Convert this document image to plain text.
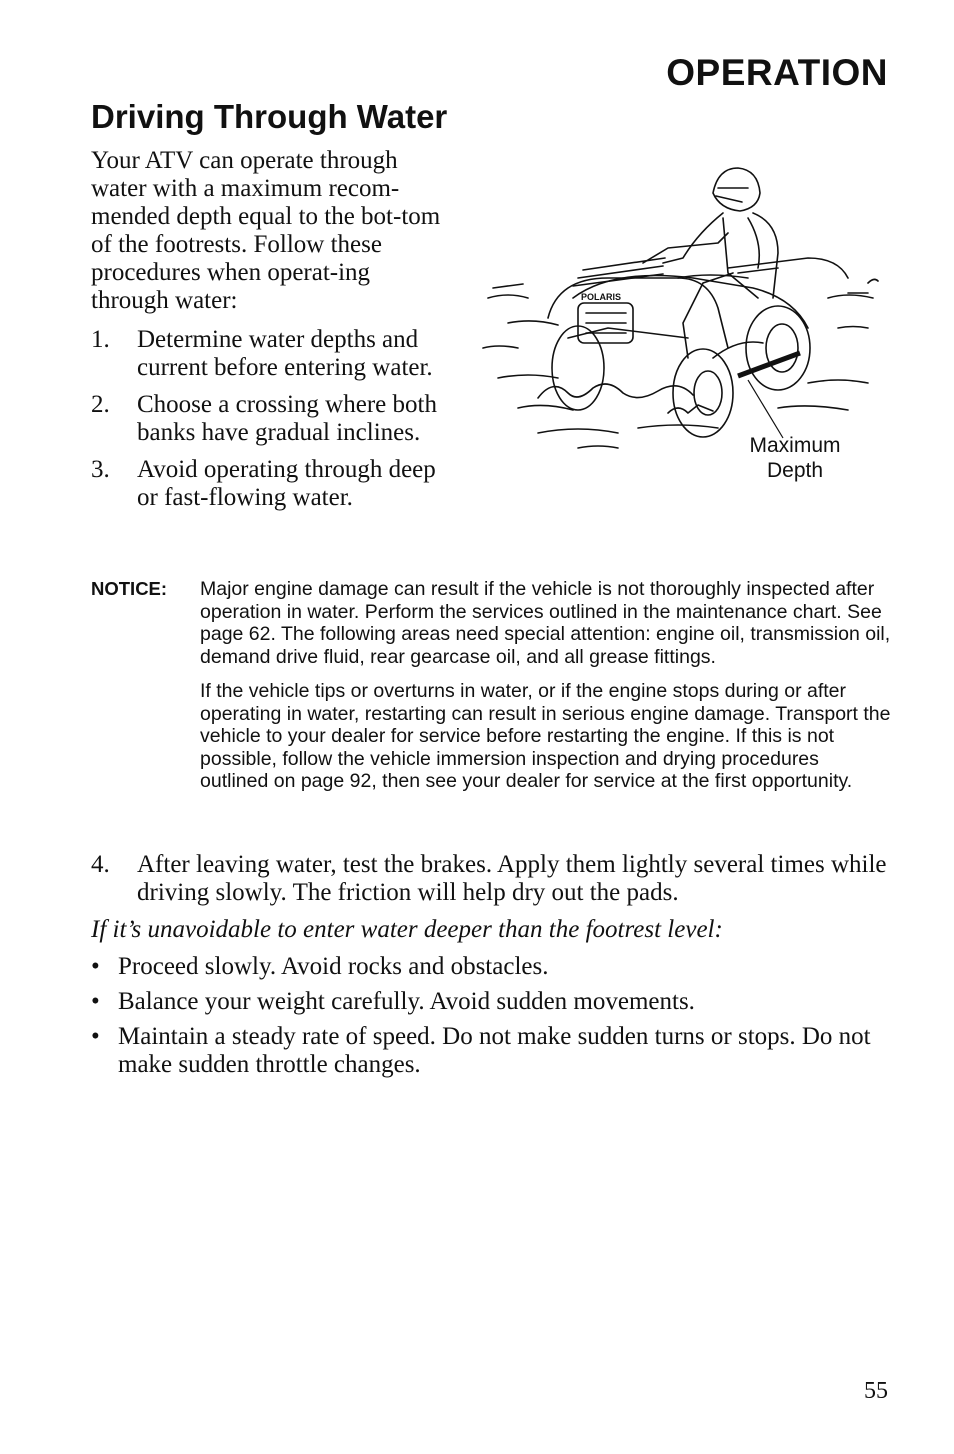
OPERATION
Driving Through Water
Your ATV can operate through water with a maximum recom-mended depth equal to the bot-tom of the footrests. Follow these procedures when operat-ing through water:
1. Determine water depths and current before entering water.
2. Choose a crossing where both banks have gradual inclines.
3. Avoid operating through deep or fast-flowing water.
POLARIS
Maximum
Depth
NOTICE: Major engine damage can result if the vehicle is not thoroughly inspected after operation in water. Perform the services outlined in the maintenance chart. See page 62. The following areas need special attention: engine oil, transmission oil, demand drive fluid, rear gearcase oil, and all grease fittings.

If the vehicle tips or overturns in water, or if the engine stops during or after operating in water, restarting can result in serious engine damage. Transport the vehicle to your dealer for service before restarting the engine. If this is not possible, follow the vehicle immersion inspection and drying procedures outlined on page 92, then see your dealer for service at the first opportunity.

4. After leaving water, test the brakes. Apply them lightly several times while driving slowly. The friction will help dry out the pads.
If it’s unavoidable to enter water deeper than the footrest level:
• Proceed slowly. Avoid rocks and obstacles.
• Balance your weight carefully. Avoid sudden movements.
• Maintain a steady rate of speed. Do not make sudden turns or stops. Do not make sudden throttle changes.
55
